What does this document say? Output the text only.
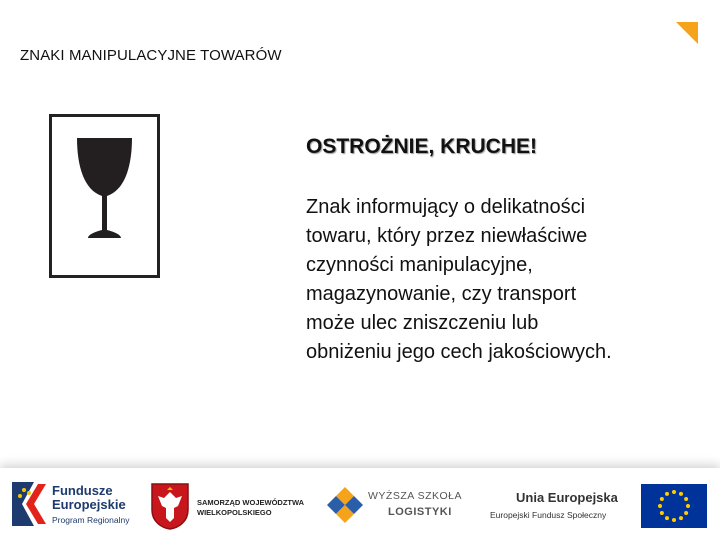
ZNAKI MANIPULACYJNE TOWARÓW
OSTROŻNIE, KRUCHE!
Znak informujący o delikatności
towaru, który przez niewłaściwe
czynności manipulacyjne,
magazynowanie, czy transport
może ulec zniszczeniu lub
obniżeniu jego cech jakościowych.
Fundusze
Europejskie
Program Regionalny
SAMORZĄD WOJEWÓDZTWA
WIELKOPOLSKIEGO
WYŻSZA SZKOŁA
LOGISTYKI
Unia Europejska
Europejski Fundusz Społeczny
